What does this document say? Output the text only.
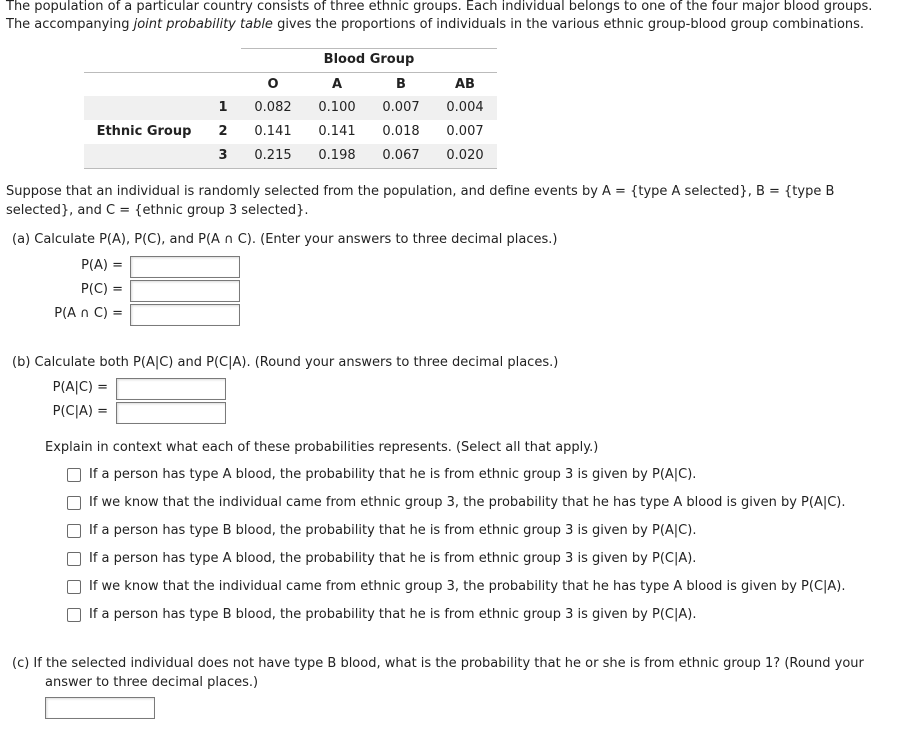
The population of a particular country consists of three ethnic groups. Each individual belongs to one of the four major blood groups.

The accompanying joint probability table gives the proportions of individuals in the various ethnic group-blood group combinations.

Blood Group
O	A	B	AB
Ethnic Group
1	0.082	0.100	0.007	0.004
2	0.141	0.141	0.018	0.007
3	0.215	0.198	0.067	0.020
Suppose that an individual is randomly selected from the population, and define events by A = {type A selected}, B = {type B
selected}, and C = {ethnic group 3 selected}.
(a) Calculate P(A), P(C), and P(A ∩ C). (Enter your answers to three decimal places.)
P(A) =
P(C) =
P(A ∩ C) =
(b) Calculate both P(A|C) and P(C|A). (Round your answers to three decimal places.)
P(A|C) =
P(C|A) =
Explain in context what each of these probabilities represents. (Select all that apply.)
If a person has type A blood, the probability that he is from ethnic group 3 is given by P(A|C).
If we know that the individual came from ethnic group 3, the probability that he has type A blood is given by P(A|C).
If a person has type B blood, the probability that he is from ethnic group 3 is given by P(A|C).
If a person has type A blood, the probability that he is from ethnic group 3 is given by P(C|A).
If we know that the individual came from ethnic group 3, the probability that he has type A blood is given by P(C|A).
If a person has type B blood, the probability that he is from ethnic group 3 is given by P(C|A).
(c) If the selected individual does not have type B blood, what is the probability that he or she is from ethnic group 1? (Round your
answer to three decimal places.)
